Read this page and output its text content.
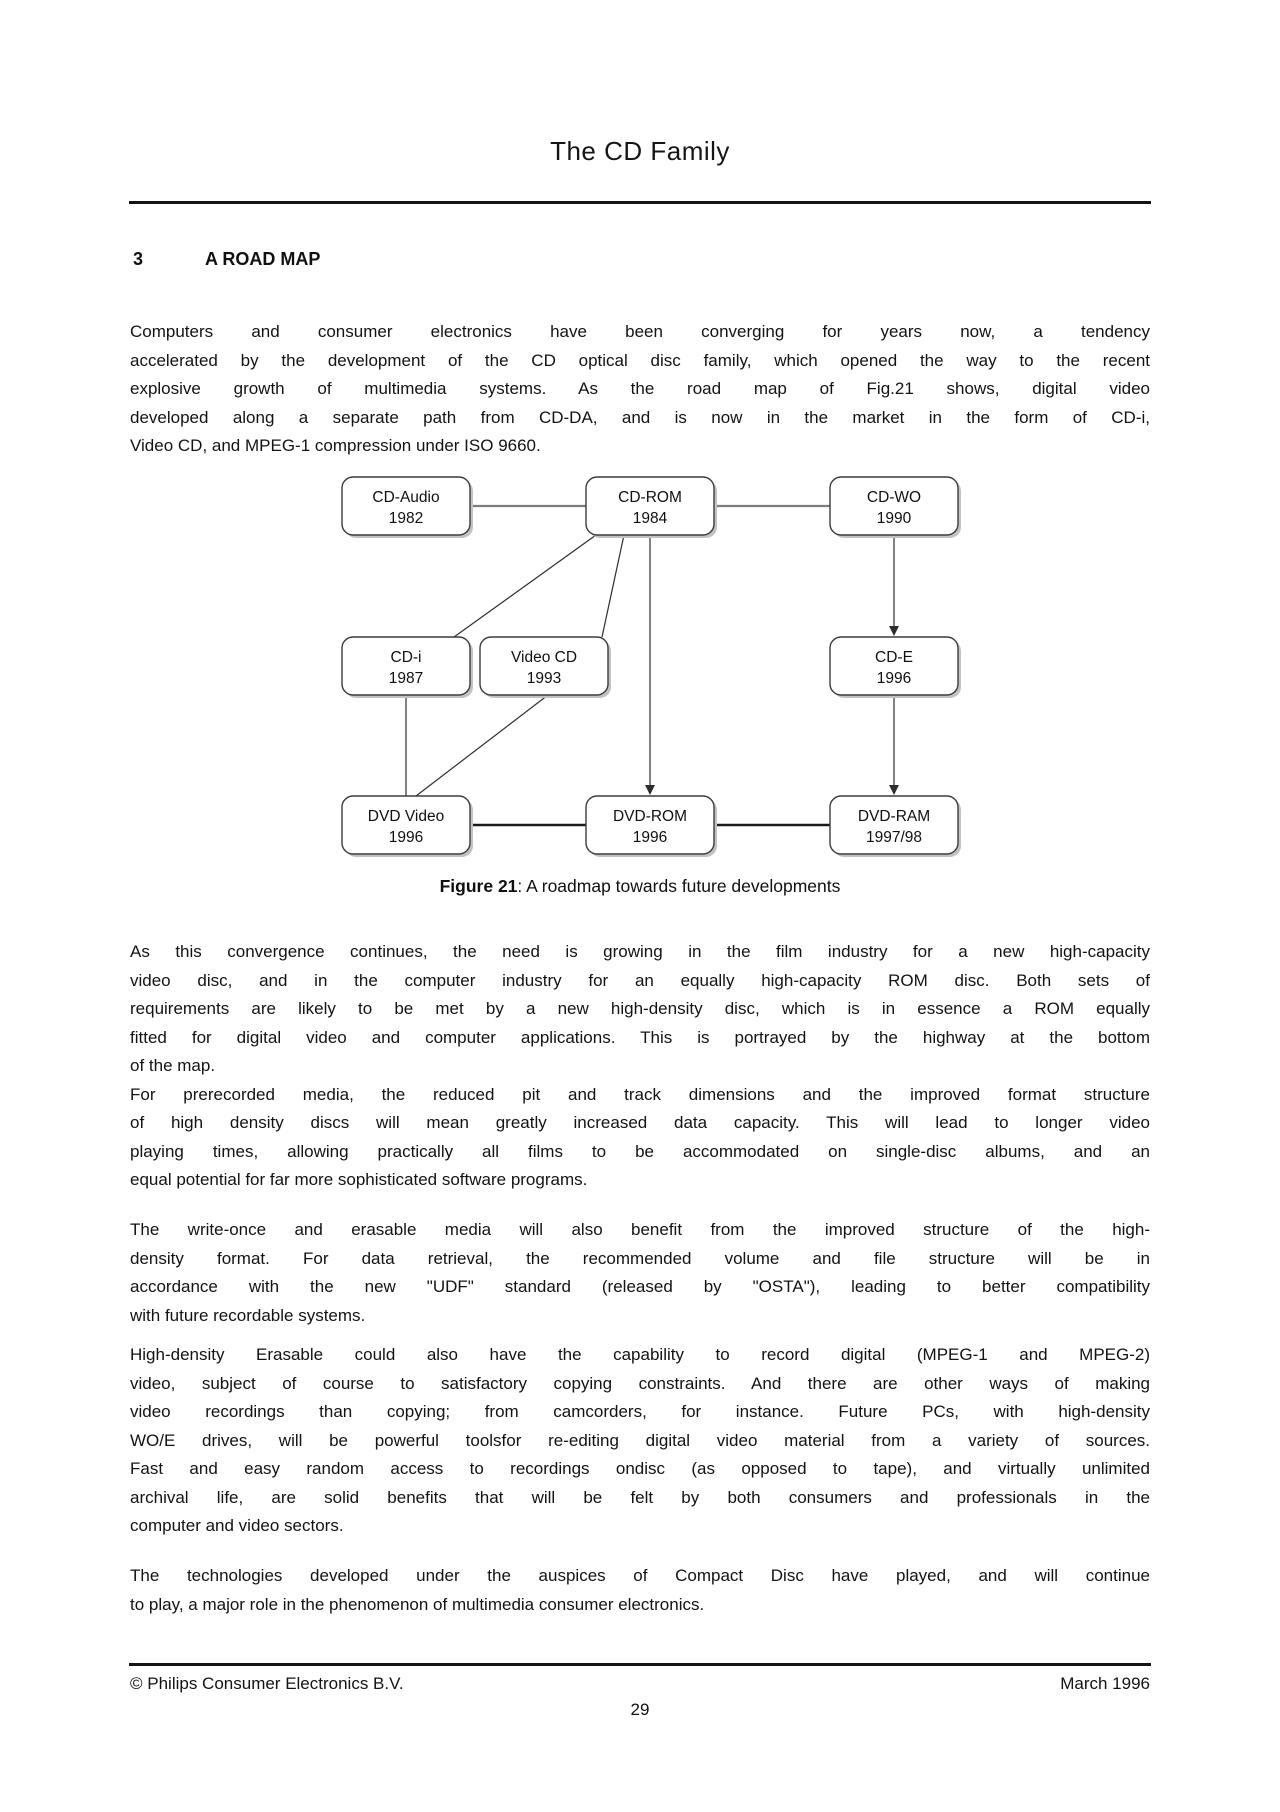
The CD Family
3	A ROAD MAP
Computers and consumer electronics have been converging for years now, a tendency
accelerated by the development of the CD optical disc family, which opened the way to the recent
explosive growth of multimedia systems. As the road map of Fig.21 shows, digital video
developed along a separate path from CD-DA, and is now in the market in the form of CD-i,
Video CD, and MPEG-1 compression under ISO 9660.
CD-Audio
1982
CD-ROM
1984
CD-WO
1990
CD-i
1987
Video CD
1993
CD-E
1996
DVD Video
1996
DVD-ROM
1996
DVD-RAM
1997/98
Figure 21: A roadmap towards future developments
As this convergence continues, the need is growing in the film industry for a new high-capacity
video disc, and in the computer industry for an equally high-capacity ROM disc. Both sets of
requirements are likely to be met by a new high-density disc, which is in essence a ROM equally
fitted for digital video and computer applications. This is portrayed by the highway at the bottom
of the map.
For prerecorded media, the reduced pit and track dimensions and the improved format structure
of high density discs will mean greatly increased data capacity. This will lead to longer video
playing times, allowing practically all films to be accommodated on single-disc albums, and an
equal potential for far more sophisticated software programs.
The write-once and erasable media will also benefit from the improved structure of the high-
density format. For data retrieval, the recommended volume and file structure will be in
accordance with the new "UDF" standard (released by "OSTA"), leading to better compatibility
with future recordable systems.
High-density Erasable could also have the capability to record digital (MPEG-1 and MPEG-2)
video, subject of course to satisfactory copying constraints. And there are other ways of making
video recordings than copying; from camcorders, for instance. Future PCs, with high-density
WO/E drives, will be powerful toolsfor re-editing digital video material from a variety of sources.
Fast and easy random access to recordings ondisc (as opposed to tape), and virtually unlimited
archival life, are solid benefits that will be felt by both consumers and professionals in the
computer and video sectors.
The technologies developed under the auspices of Compact Disc have played, and will continue
to play, a major role in the phenomenon of multimedia consumer electronics.
© Philips Consumer Electronics B.V.	March 1996
29
